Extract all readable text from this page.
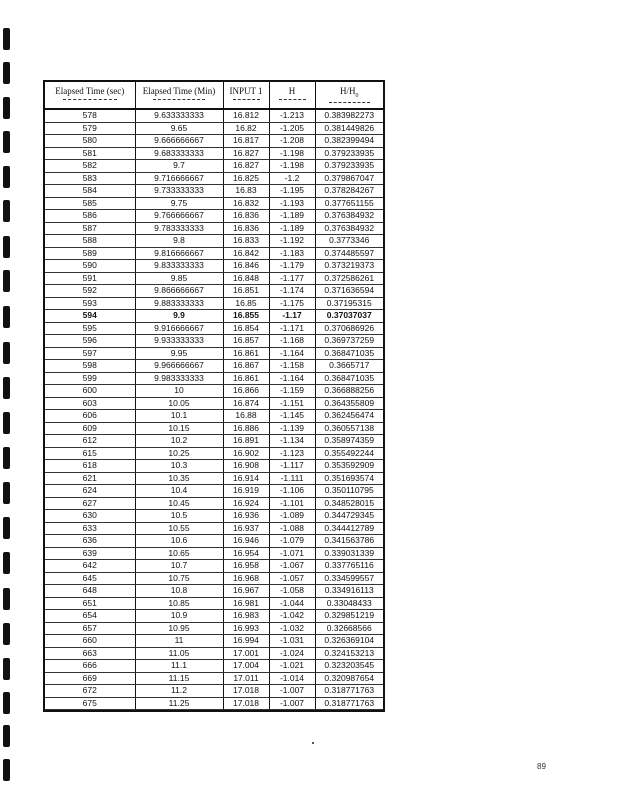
Elapsed Time (sec)	Elapsed Time (Min)	INPUT 1	H	$H/H_0$

578	9.633333333	16.812	-1.213	0.383982273
579	9.65	16.82	-1.205	0.381449826
580	9.666666667	16.817	-1.208	0.382399494
581	9.683333333	16.827	-1.198	0.379233935
582	9.7	16.827	-1.198	0.379233935
583	9.716666667	16.825	-1.2	0.379867047
584	9.733333333	16.83	-1.195	0.378284267
585	9.75	16.832	-1.193	0.377651155
586	9.766666667	16.836	-1.189	0.376384932
587	9.783333333	16.836	-1.189	0.376384932
588	9.8	16.833	-1.192	0.3773346
589	9.816666667	16.842	-1.183	0.374485597
590	9.833333333	16.846	-1.179	0.373219373
591	9.85	16.848	-1.177	0.372586261
592	9.866666667	16.851	-1.174	0.371636594
593	9.883333333	16.85	-1.175	0.37195315
594	9.9	16.855	-1.17	0.37037037
595	9.916666667	16.854	-1.171	0.370686926
596	9.933333333	16.857	-1.168	0.369737259
597	9.95	16.861	-1.164	0.368471035
598	9.966666667	16.867	-1.158	0.3665717
599	9.983333333	16.861	-1.164	0.368471035
600	10	16.866	-1.159	0.366888256
603	10.05	16.874	-1.151	0.364355809
606	10.1	16.88	-1.145	0.362456474
609	10.15	16.886	-1.139	0.360557138
612	10.2	16.891	-1.134	0.358974359
615	10.25	16.902	-1.123	0.355492244
618	10.3	16.908	-1.117	0.353592909
621	10.35	16.914	-1.111	0.351693574
624	10.4	16.919	-1.106	0.350110795
627	10.45	16.924	-1.101	0.348528015
630	10.5	16.936	-1.089	0.344729345
633	10.55	16.937	-1.088	0.344412789
636	10.6	16.946	-1.079	0.341563786
639	10.65	16.954	-1.071	0.339031339
642	10.7	16.958	-1.067	0.337765116
645	10.75	16.968	-1.057	0.334599557
648	10.8	16.967	-1.058	0.334916113
651	10.85	16.981	-1.044	0.33048433
654	10.9	16.983	-1.042	0.329851219
657	10.95	16.993	-1.032	0.32668566
660	11	16.994	-1.031	0.326369104
663	11.05	17.001	-1.024	0.324153213
666	11.1	17.004	-1.021	0.323203545
669	11.15	17.011	-1.014	0.320987654
672	11.2	17.018	-1.007	0.318771763
675	11.25	17.018	-1.007	0.318771763
89
